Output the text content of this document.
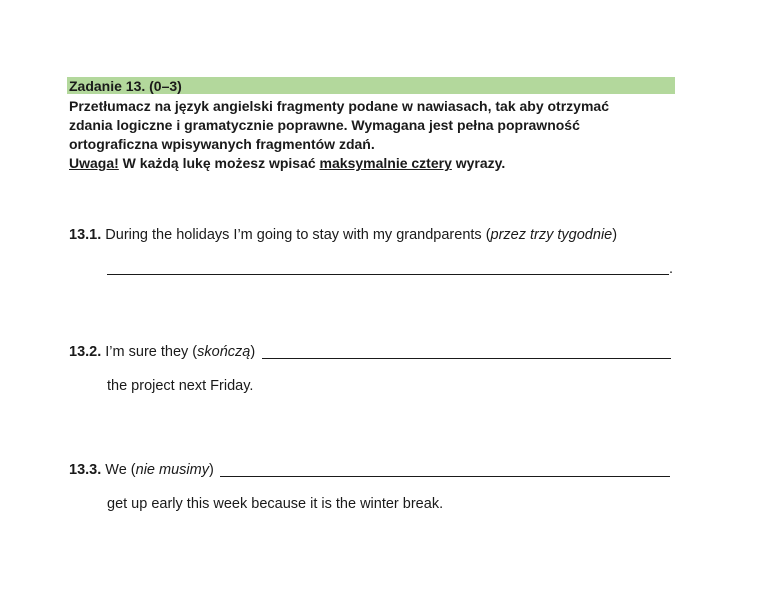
Zadanie 13. (0–3)
Przetłumacz na język angielski fragmenty podane w nawiasach, tak aby otrzymać
zdania logiczne i gramatycznie poprawne. Wymagana jest pełna poprawność
ortograficzna wpisywanych fragmentów zdań.
Uwaga! W każdą lukę możesz wpisać maksymalnie cztery wyrazy.
13.1. During the holidays I’m going to stay with my grandparents (przez trzy tygodnie)
.
13.2. I’m sure they (skończą)
the project next Friday.
13.3. We (nie musimy)
get up early this week because it is the winter break.
